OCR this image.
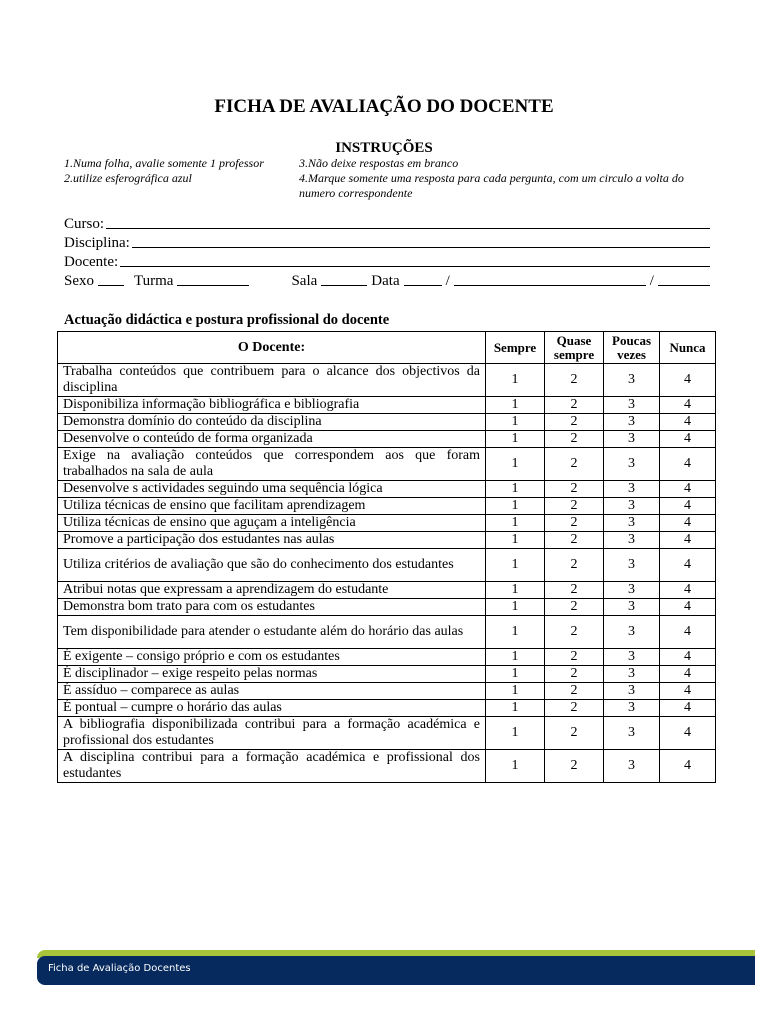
FICHA DE AVALIAÇÃO DO DOCENTE
INSTRUÇÕES
1.Numa folha, avalie somente 1 professor
2.utilize esferográfica azul
3.Não deixe respostas em branco
4.Marque somente uma resposta para cada pergunta, com um circulo a volta do numero correspondente
Curso:
Disciplina:
Docente:
Sexo	Turma	Sala	Data	/	/
Actuação didáctica e postura profissional do docente
O Docente:	Sempre	Quase sempre	Poucas vezes	Nunca
Trabalha conteúdos que contribuem para o alcance dos objectivos da disciplina	1	2	3	4
Disponibiliza informação bibliográfica e bibliografia	1	2	3	4
Demonstra domínio do conteúdo da disciplina	1	2	3	4
Desenvolve o conteúdo de forma organizada	1	2	3	4
Exige na avaliação conteúdos que correspondem aos que foram trabalhados na sala de aula	1	2	3	4
Desenvolve s actividades seguindo uma sequência lógica	1	2	3	4
Utiliza técnicas de ensino que facilitam aprendizagem	1	2	3	4
Utiliza técnicas de ensino que aguçam a inteligência	1	2	3	4
Promove a participação dos estudantes nas aulas	1	2	3	4
Utiliza critérios de avaliação que são do conhecimento dos estudantes	1	2	3	4
Atribui notas que expressam a aprendizagem do estudante	1	2	3	4
Demonstra bom trato para com os estudantes	1	2	3	4
Tem disponibilidade para atender o estudante além do horário das aulas	1	2	3	4
É exigente – consigo próprio e com os estudantes	1	2	3	4
É disciplinador – exige respeito pelas normas	1	2	3	4
É assíduo – comparece as aulas	1	2	3	4
É pontual – cumpre o horário das aulas	1	2	3	4
A bibliografia disponibilizada contribui para a formação académica e profissional dos estudantes	1	2	3	4
A disciplina contribui para a formação académica e profissional dos estudantes	1	2	3	4
Ficha de Avaliação Docentes
